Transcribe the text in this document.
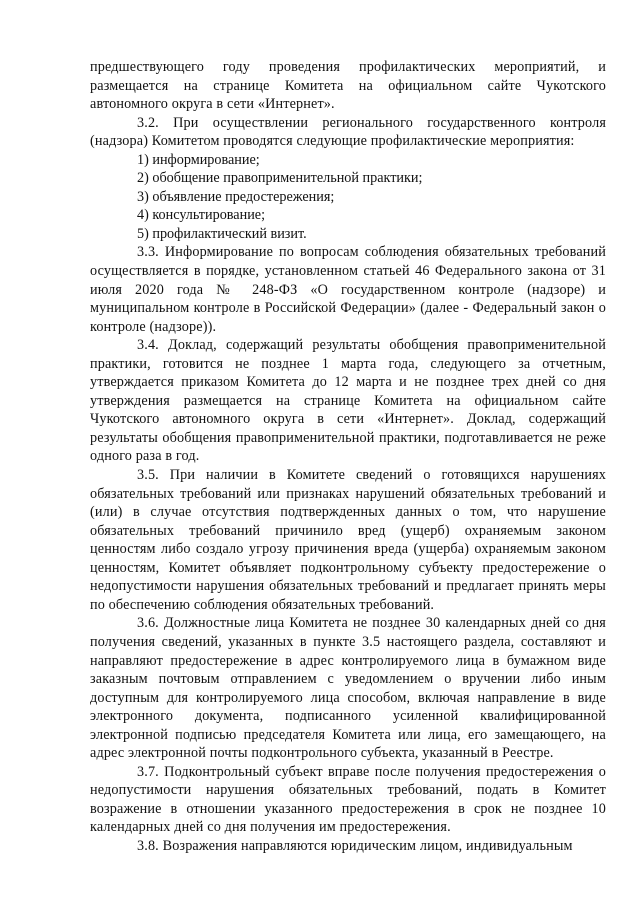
предшествующего году проведения профилактических мероприятий, и размещается на странице Комитета на официальном сайте Чукотского автономного округа в сети «Интернет».

3.2. При осуществлении регионального государственного контроля (надзора) Комитетом проводятся следующие профилактические мероприятия:

1) информирование;

2) обобщение правоприменительной практики;

3) объявление предостережения;

4) консультирование;

5) профилактический визит.

3.3. Информирование по вопросам соблюдения обязательных требований осуществляется в порядке, установленном статьей 46 Федерального закона от 31 июля 2020 года № 248-ФЗ «О государственном контроле (надзоре) и муниципальном контроле в Российской Федерации» (далее - Федеральный закон о контроле (надзоре)).

3.4. Доклад, содержащий результаты обобщения правоприменительной практики, готовится не позднее 1 марта года, следующего за отчетным, утверждается приказом Комитета до 12 марта и не позднее трех дней со дня утверждения размещается на странице Комитета на официальном сайте Чукотского автономного округа в сети «Интернет». Доклад, содержащий результаты обобщения правоприменительной практики, подготавливается не реже одного раза в год.

3.5. При наличии в Комитете сведений о готовящихся нарушениях обязательных требований или признаках нарушений обязательных требований и (или) в случае отсутствия подтвержденных данных о том, что нарушение обязательных требований причинило вред (ущерб) охраняемым законом ценностям либо создало угрозу причинения вреда (ущерба) охраняемым законом ценностям, Комитет объявляет подконтрольному субъекту предостережение о недопустимости нарушения обязательных требований и предлагает принять меры по обеспечению соблюдения обязательных требований.

3.6. Должностные лица Комитета не позднее 30 календарных дней со дня получения сведений, указанных в пункте 3.5 настоящего раздела, составляют и направляют предостережение в адрес контролируемого лица в бумажном виде заказным почтовым отправлением с уведомлением о вручении либо иным доступным для контролируемого лица способом, включая направление в виде электронного документа, подписанного усиленной квалифицированной электронной подписью председателя Комитета или лица, его замещающего, на адрес электронной почты подконтрольного субъекта, указанный в Реестре.

3.7. Подконтрольный субъект вправе после получения предостережения о недопустимости нарушения обязательных требований, подать в Комитет возражение в отношении указанного предостережения в срок не позднее 10 календарных дней со дня получения им предостережения.

3.8. Возражения направляются юридическим лицом, индивидуальным
